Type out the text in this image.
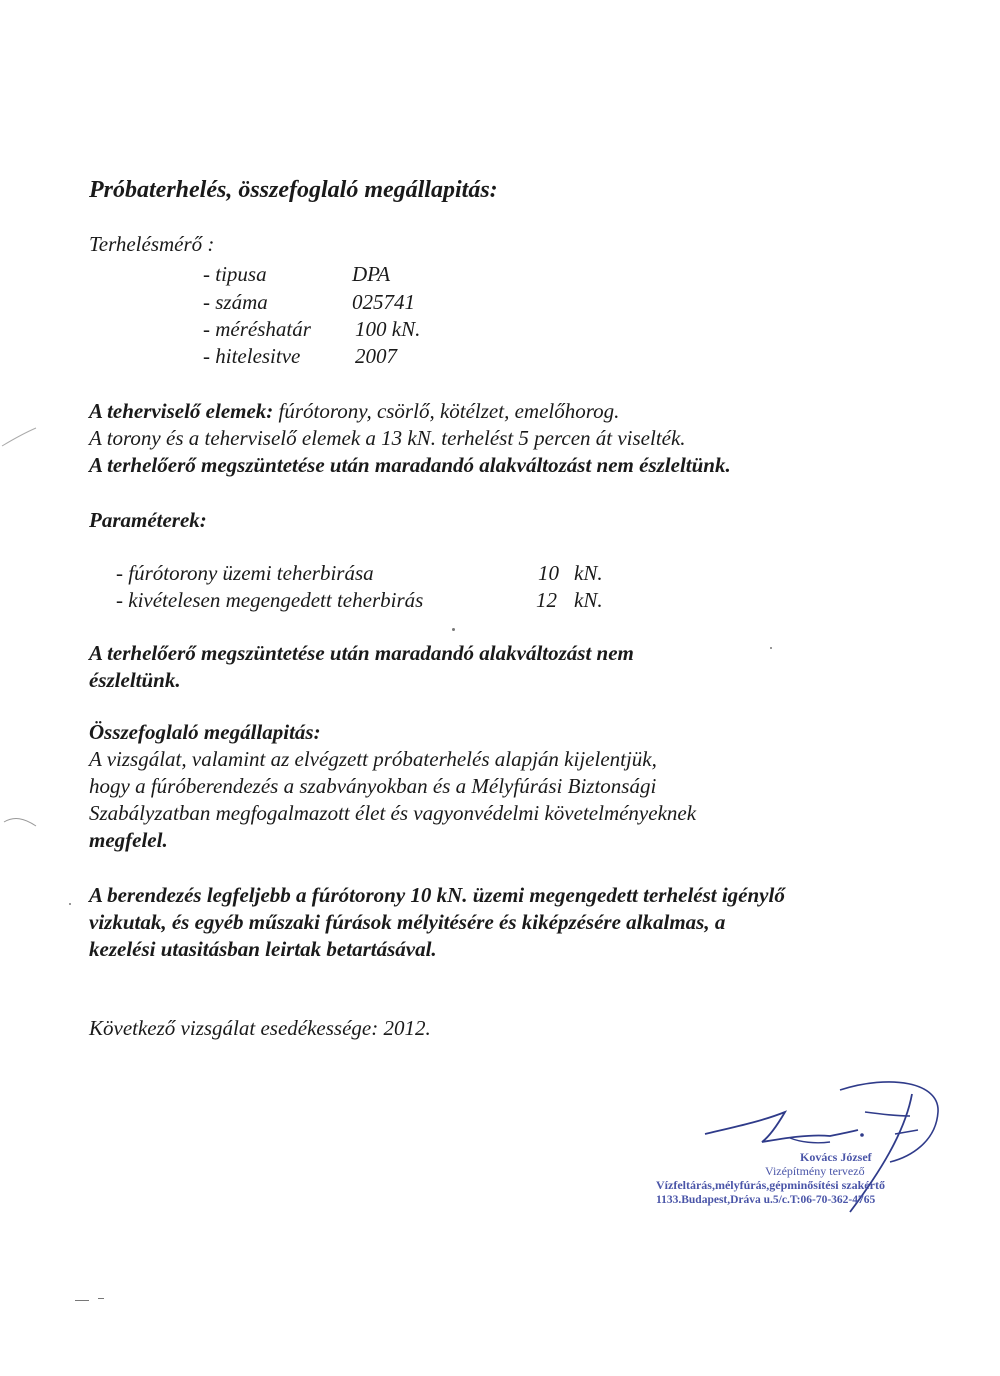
Próbaterhelés, összefoglaló megállapitás:
Terhelésmérő :
- tipusa	DPA
- száma	025741
- méréshatár 100 kN.
- hitelesitve	2007
A teherviselő elemek: fúrótorony, csörlő, kötélzet, emelőhorog.
A torony és a teherviselő elemek a 13 kN. terhelést 5 percen át viselték.
A terhelőerő megszüntetése után maradandó alakváltozást nem észleltünk.
Paraméterek:
- fúrótorony üzemi teherbirása	10 kN.
- kivételesen megengedett teherbirás	12 kN.
A terhelőerő megszüntetése után maradandó alakváltozást nem
észleltünk.
Összefoglaló megállapitás:
A vizsgálat, valamint az elvégzett próbaterhelés alapján kijelentjük,
hogy a fúróberendezés a szabványokban és a Mélyfúrási Biztonsági
Szabályzatban megfogalmazott élet és vagyonvédelmi követelményeknek
megfelel.
A berendezés legfeljebb a fúrótorony 10 kN. üzemi megengedett terhelést igénylő
vizkutak, és egyéb műszaki fúrások mélyitésére és kiképzésére alkalmas, a
kezelési utasitásban leirtak betartásával.
Következő vizsgálat esedékessége: 2012.
Kovács József
Vizépítmény tervező
Vízfeltárás,mélyfúrás,gépminősítési szakértő
1133.Budapest,Dráva u.5/c.T:06-70-362-4765
